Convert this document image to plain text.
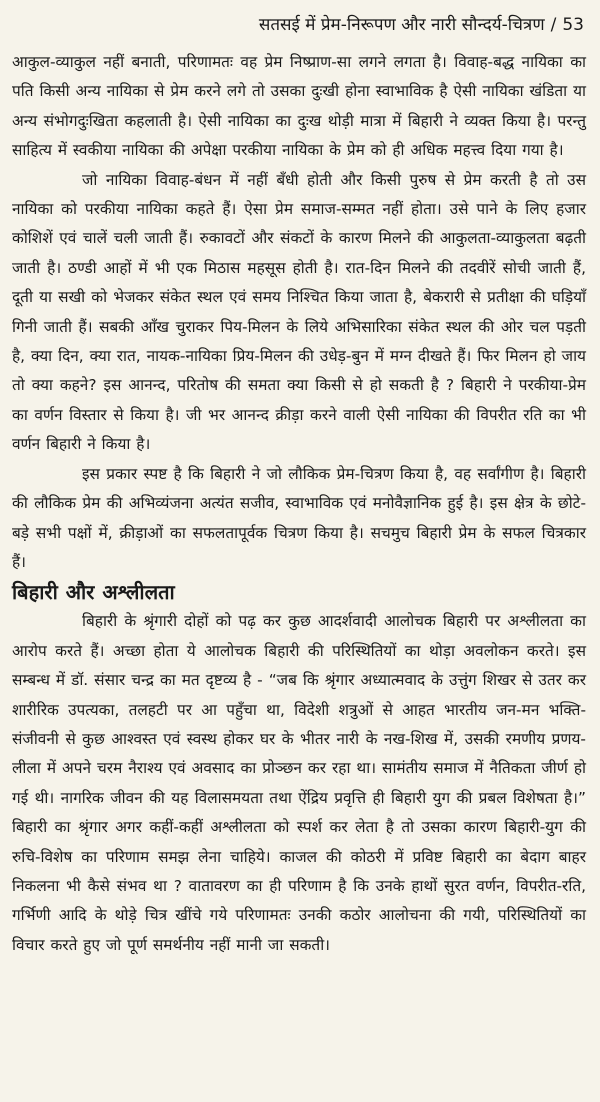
सतसई में प्रेम-निरूपण और नारी सौन्दर्य-चित्रण / 53

आकुल-व्याकुल नहीं बनाती, परिणामतः वह प्रेम निष्प्राण-सा लगने लगता है। विवाह-बद्ध नायिका का पति किसी अन्य नायिका से प्रेम करने लगे तो उसका दुःखी होना स्वाभाविक है ऐसी नायिका खंडिता या अन्य संभोगदुःखिता कहलाती है। ऐसी नायिका का दुःख थोड़ी मात्रा में बिहारी ने व्यक्त किया है। परन्तु साहित्य में स्वकीया नायिका की अपेक्षा परकीया नायिका के प्रेम को ही अधिक महत्त्व दिया गया है।

जो नायिका विवाह-बंधन में नहीं बँधी होती और किसी पुरुष से प्रेम करती है तो उस नायिका को परकीया नायिका कहते हैं। ऐसा प्रेम समाज-सम्मत नहीं होता। उसे पाने के लिए हजार कोशिशें एवं चालें चली जाती हैं। रुकावटों और संकटों के कारण मिलने की आकुलता-व्याकुलता बढ़ती जाती है। ठण्डी आहों में भी एक मिठास महसूस होती है। रात-दिन मिलने की तदवीरें सोची जाती हैं, दूती या सखी को भेजकर संकेत स्थल एवं समय निश्चित किया जाता है, बेकरारी से प्रतीक्षा की घड़ियाँ गिनी जाती हैं। सबकी आँख चुराकर पिय-मिलन के लिये अभिसारिका संकेत स्थल की ओर चल पड़ती है, क्या दिन, क्या रात, नायक-नायिका प्रिय-मिलन की उधेड़-बुन में मग्न दीखते हैं। फिर मिलन हो जाय तो क्या कहने? इस आनन्द, परितोष की समता क्या किसी से हो सकती है ? बिहारी ने परकीया-प्रेम का वर्णन विस्तार से किया है। जी भर आनन्द क्रीड़ा करने वाली ऐसी नायिका की विपरीत रति का भी वर्णन बिहारी ने किया है।

इस प्रकार स्पष्ट है कि बिहारी ने जो लौकिक प्रेम-चित्रण किया है, वह सर्वांगीण है। बिहारी की लौकिक प्रेम की अभिव्यंजना अत्यंत सजीव, स्वाभाविक एवं मनोवैज्ञानिक हुई है। इस क्षेत्र के छोटे- बड़े सभी पक्षों में, क्रीड़ाओं का सफलतापूर्वक चित्रण किया है। सचमुच बिहारी प्रेम के सफल चित्रकार हैं।

बिहारी और अश्लीलता

बिहारी के श्रृंगारी दोहों को पढ़ कर कुछ आदर्शवादी आलोचक बिहारी पर अश्लीलता का आरोप करते हैं। अच्छा होता ये आलोचक बिहारी की परिस्थितियों का थोड़ा अवलोकन करते। इस सम्बन्ध में डॉ. संसार चन्द्र का मत दृष्टव्य है - “जब कि श्रृंगार अध्यात्मवाद के उत्तुंग शिखर से उतर कर शारीरिक उपत्यका, तलहटी पर आ पहुँचा था, विदेशी शत्रुओं से आहत भारतीय जन-मन भक्ति-संजीवनी से कुछ आश्वस्त एवं स्वस्थ होकर घर के भीतर नारी के नख-शिख में, उसकी रमणीय प्रणय-लीला में अपने चरम नैराश्य एवं अवसाद का प्रोञ्छन कर रहा था। सामंतीय समाज में नैतिकता जीर्ण हो गई थी। नागरिक जीवन की यह विलासमयता तथा ऐंद्रिय प्रवृत्ति ही बिहारी युग की प्रबल विशेषता है।” बिहारी का श्रृंगार अगर कहीं-कहीं अश्लीलता को स्पर्श कर लेता है तो उसका कारण बिहारी-युग की रुचि-विशेष का परिणाम समझ लेना चाहिये। काजल की कोठरी में प्रविष्ट बिहारी का बेदाग बाहर निकलना भी कैसे संभव था ? वातावरण का ही परिणाम है कि उनके हाथों सुरत वर्णन, विपरीत-रति, गर्भिणी आदि के थोड़े चित्र खींचे गये परिणामतः उनकी कठोर आलोचना की गयी, परिस्थितियों का विचार करते हुए जो पूर्ण समर्थनीय नहीं मानी जा सकती।
